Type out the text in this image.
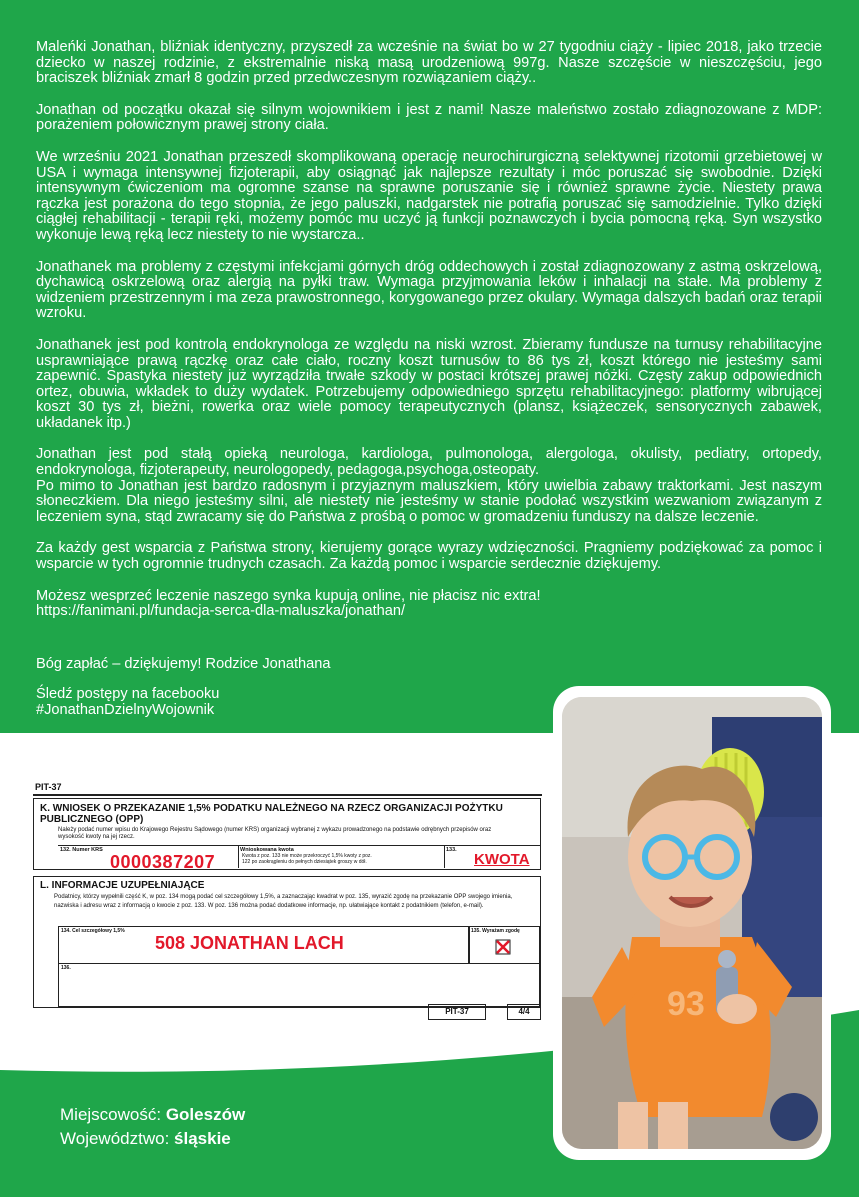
Maleńki Jonathan, bliźniak identyczny, przyszedł za wcześnie na świat bo w 27 tygodniu ciąży - lipiec 2018, jako trzecie dziecko w naszej rodzinie, z ekstremalnie niską masą urodzeniową 997g. Nasze szczęście w nieszczęściu, jego braciszek bliźniak zmarł 8 godzin przed przedwczesnym rozwiązaniem ciąży..

Jonathan od początku okazał się silnym wojownikiem i jest z nami! Nasze maleństwo zostało zdiagnozowane z MDP: porażeniem połowicznym prawej strony ciała.

We wrześniu 2021 Jonathan przeszedł skomplikowaną operację neurochirurgiczną selektywnej rizotomii grzebietowej w USA i wymaga intensywnej fizjoterapii, aby osiągnąć jak najlepsze rezultaty i móc poruszać się swobodnie. Dzięki intensywnym ćwiczeniom ma ogromne szanse na sprawne poruszanie się i również sprawne życie. Niestety prawa rączka jest porażona do tego stopnia, że jego paluszki, nadgarstek nie potrafią poruszać się samodzielnie. Tylko dzięki ciągłej rehabilitacji - terapii ręki, możemy pomóc mu uczyć ją funkcji poznawczych i bycia pomocną ręką. Syn wszystko wykonuje lewą ręką lecz niestety to nie wystarcza..

Jonathanek ma problemy z częstymi infekcjami górnych dróg oddechowych i został zdiagnozowany z astmą oskrzelową, dychawicą oskrzelową oraz alergią na pyłki traw. Wymaga przyjmowania leków i inhalacji na stałe. Ma problemy z widzeniem przestrzennym i ma zeza prawostronnego, korygowanego przez okulary. Wymaga dalszych badań oraz terapii wzroku.

Jonathanek jest pod kontrolą endokrynologa ze względu na niski wzrost. Zbieramy fundusze na turnusy rehabilitacyjne usprawniające prawą rączkę oraz całe ciało, roczny koszt turnusów to 86 tys zł, koszt którego nie jesteśmy sami zapewnić. Spastyka niestety już wyrządziła trwałe szkody w postaci krótszej prawej nóżki. Częsty zakup odpowiednich ortez, obuwia, wkładek to duży wydatek. Potrzebujemy odpowiedniego sprzętu rehabilitacyjnego: platformy wibrującej koszt 30 tys zł, bieżni, rowerka oraz wiele pomocy terapeutycznych (plansz, książeczek, sensorycznych zabawek, układanek itp.)

Jonathan jest pod stałą opieką neurologa, kardiologa, pulmonologa, alergologa, okulisty, pediatry, ortopedy, endokrynologa, fizjoterapeuty, neurologopedy, pedagoga,psychoga,osteopaty.

Po mimo to Jonathan jest bardzo radosnym i przyjaznym maluszkiem, który uwielbia zabawy traktorkami. Jest naszym słoneczkiem. Dla niego jesteśmy silni, ale niestety nie jesteśmy w stanie podołać wszystkim wezwaniom związanym z leczeniem syna, stąd zwracamy się do Państwa z prośbą o pomoc w gromadzeniu funduszy na dalsze leczenie.

Za każdy gest wsparcia z Państwa strony, kierujemy gorące wyrazy wdzięczności. Pragniemy podziękować za pomoc i wsparcie w tych ogromnie trudnych czasach. Za każdą pomoc i wsparcie serdecznie dziękujemy.

Możesz wesprzeć leczenie naszego synka kupują online, nie płacisz nic extra!

https://fanimani.pl/fundacja-serca-dla-maluszka/jonathan/

Bóg zapłać – dziękujemy! Rodzice Jonathana
Śledź postępy na facebooku
#JonathanDzielnyWojownik
93
PIT-37
K. WNIOSEK O PRZEKAZANIE 1,5% PODATKU NALEŻNEGO NA RZECZ ORGANIZACJI POŻYTKU PUBLICZNEGO (OPP)
Należy podać numer wpisu do Krajowego Rejestru Sądowego (numer KRS) organizacji wybranej z wykazu prowadzonego na podstawie odrębnych przepisów oraz wysokość kwoty na jej rzecz.
132. Numer KRS
0000387207
Wnioskowana kwota
Kwota z poz. 133 nie może przekroczyć 1,5% kwoty z poz. 122 po zaokrągleniu do pełnych dziesiątek groszy w dół.
133.
KWOTA
L. INFORMACJE UZUPEŁNIAJĄCE
Podatnicy, którzy wypełnili część K, w poz. 134 mogą podać cel szczegółowy 1,5%, a zaznaczając kwadrat w poz. 135, wyrazić zgodę na przekazanie OPP swojego imienia, nazwiska i adresu wraz z informacją o kwocie z poz. 133. W poz. 136 można podać dodatkowe informacje, np. ułatwiające kontakt z podatnikiem (telefon, e-mail).
134. Cel szczegółowy 1,5%
508 JONATHAN LACH
135. Wyrażam zgodę
136.
PIT-37	4/4
Miejscowość: Goleszów
Województwo: śląskie
